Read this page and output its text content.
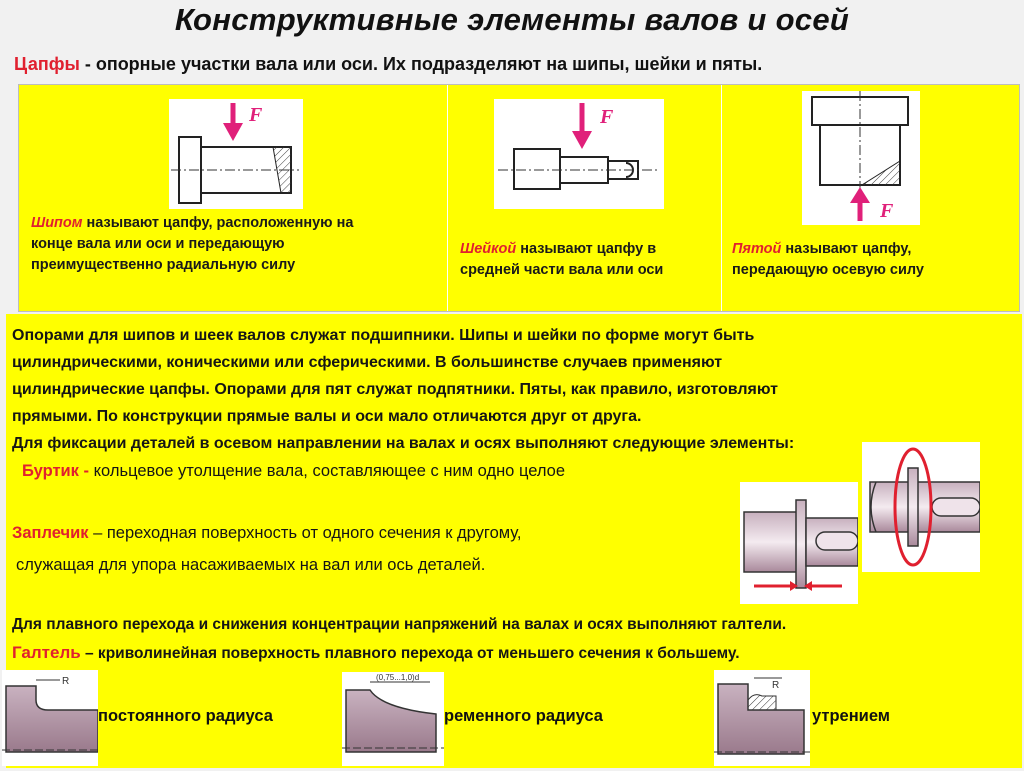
Конструктивные элементы валов и осей
Цапфы - опорные участки вала или оси. Их подразделяют на шипы, шейки и пяты.
F
Шипом называют цапфу, расположенную на
конце вала или оси и передающую
преимущественно радиальную силу
F
Шейкой называют цапфу в
средней части вала или оси
F
Пятой называют цапфу,
передающую осевую силу
Опорами для шипов и шеек валов служат подшипники. Шипы и шейки по форме могут быть
цилиндрическими, коническими или сферическими. В большинстве случаев применяют
цилиндрические цапфы. Опорами для пят служат подпятники. Пяты, как правило, изготовляют
прямыми. По конструкции прямые валы и оси мало отличаются друг от друга.
Для фиксации деталей в осевом направлении на валах и осях выполняют следующие элементы:
Буртик - кольцевое утолщение вала, составляющее с ним одно целое
Заплечик – переходная поверхность от одного сечения к другому,
служащая для упора насаживаемых на вал или ось деталей.
Для плавного перехода и снижения концентрации напряжений на валах и осях выполняют галтели.
Галтель – криволинейная поверхность плавного перехода от меньшего сечения к большему.
R
постоянного радиуса
(0,75...1,0)d
ременного радиуса
R
утрением
